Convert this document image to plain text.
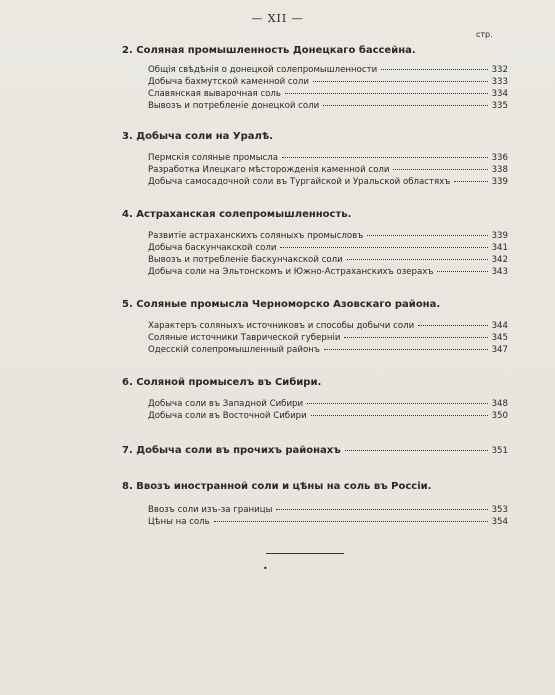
— XII —
стр.
2. Соляная промышленность Донецкаго бассейна.
Общія свѣдѣнія о донецкой солепромышленности	332
Добыча бахмутской каменной соли	333
Славянская выварочная соль	334
Вывозъ и потребленіе донецкой соли	335
3. Добыча соли на Уралѣ.
Пермскія соляные промысла	336
Разработка Илецкаго мѣсторожденія каменной соли	338
Добыча самосадочной соли въ Тургайской и Уральской областяхъ	339
4. Астраханская солепромышленность.
Развитіе астраханскихъ соляныхъ промысловъ	339
Добыча баскунчакской соли	341
Вывозъ и потребленіе баскунчакской соли	342
Добыча соли на Эльтонскомъ и Южно-Астраханскихъ озерахъ	343
5. Соляные промысла Черноморско Азовскаго района.
Характеръ соляныхъ источниковъ и способы добычи соли	344
Соляные источники Таврической губерніи	345
Одесскій солепромышленный районъ	347
6. Соляной промыселъ въ Сибири.
Добыча соли въ Западной Сибири	348
Добыча соли въ Восточной Сибири	350
7. Добыча соли въ прочихъ районахъ	351
8. Ввозъ иностранной соли и цѣны на соль въ Россіи.
Ввозъ соли изъ-за границы	353
Цѣны на соль	354
•
